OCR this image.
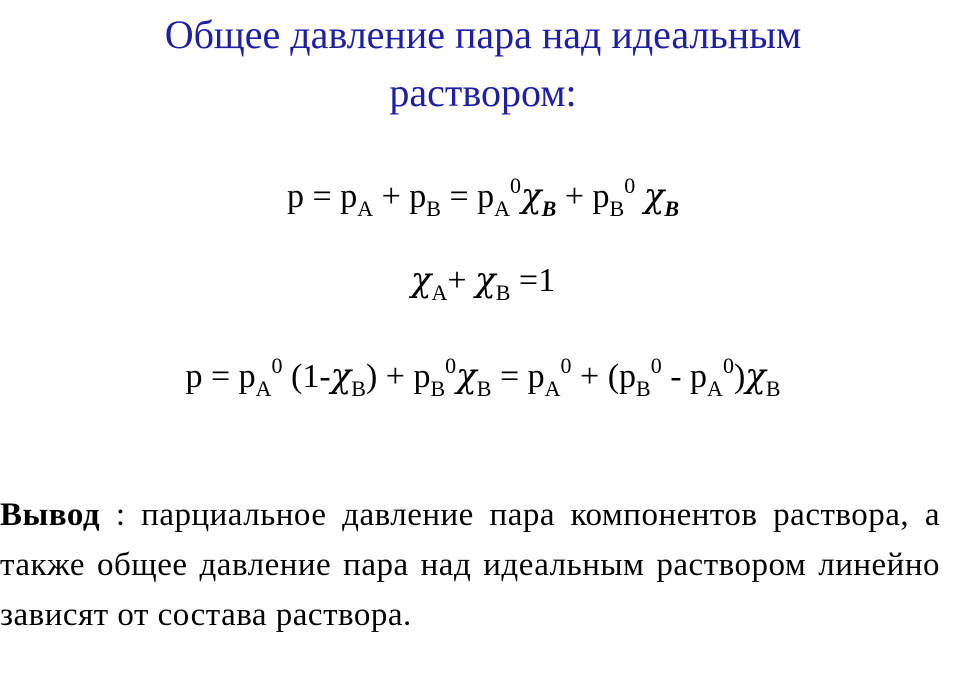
Общее давление пара над идеальным
раствором:
$p = p_A + p_B = p_A^0\chi_B + p_B^0$ $\chi_B$
$\chi_A+ \chi_B =1$
$p = p_A^0$ $(1-\chi_B) + p_B^0\chi_B = p_A^0 + (p_B^0 - p_A^0)\chi_B$
Вывод : парциальное давление пара компонентов раствора, а также общее давление пара над идеальным раствором линейно зависят от состава раствора.
